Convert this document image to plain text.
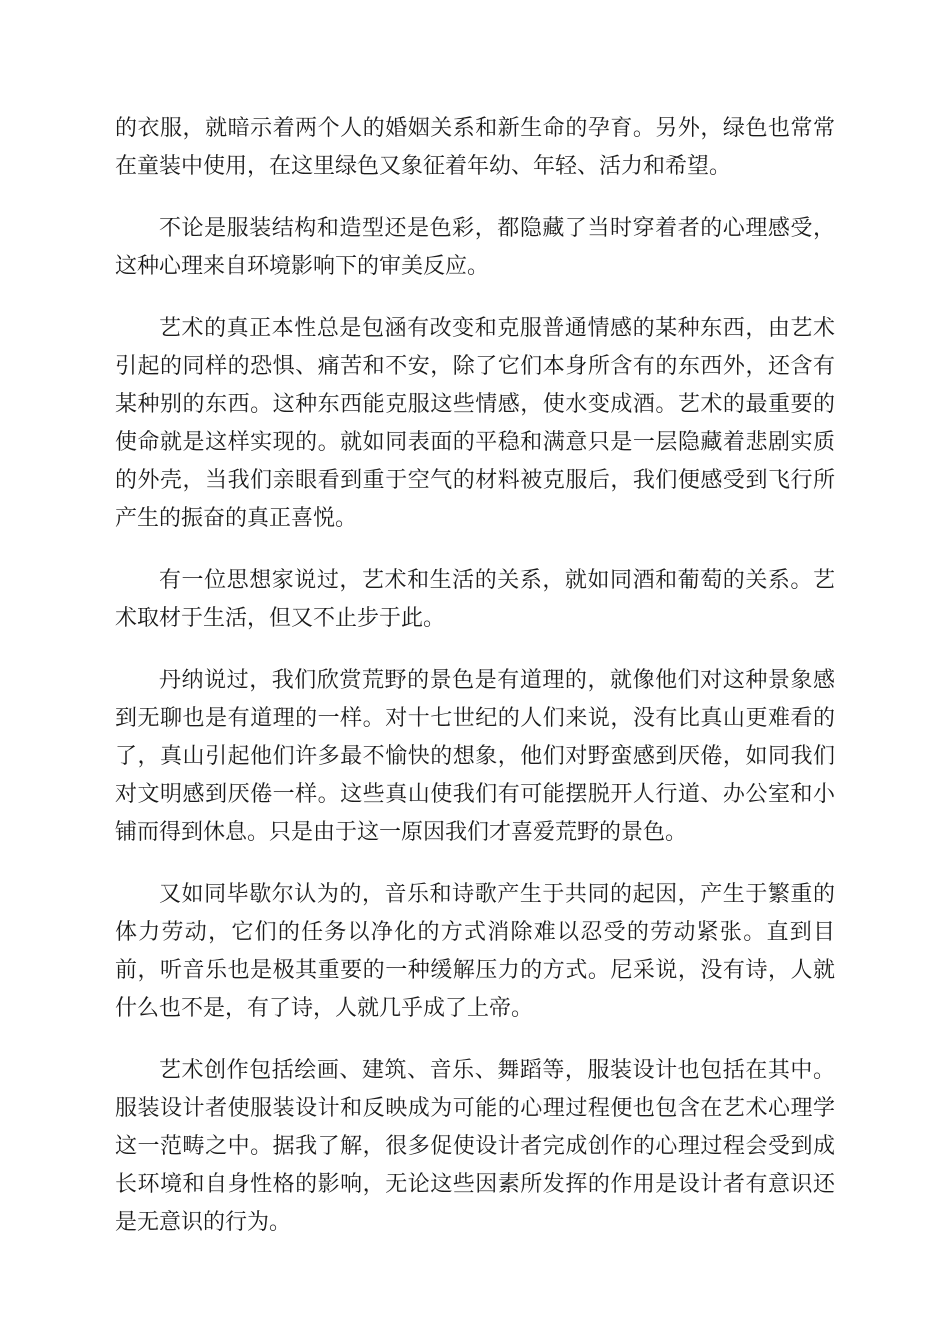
的衣服，就暗示着两个人的婚姻关系和新生命的孕育。另外，绿色也常常在童装中使用，在这里绿色又象征着年幼、年轻、活力和希望。

不论是服装结构和造型还是色彩，都隐藏了当时穿着者的心理感受，这种心理来自环境影响下的审美反应。

艺术的真正本性总是包涵有改变和克服普通情感的某种东西，由艺术引起的同样的恐惧、痛苦和不安，除了它们本身所含有的东西外，还含有某种别的东西。这种东西能克服这些情感，使水变成酒。艺术的最重要的使命就是这样实现的。就如同表面的平稳和满意只是一层隐藏着悲剧实质的外壳，当我们亲眼看到重于空气的材料被克服后，我们便感受到飞行所产生的振奋的真正喜悦。

有一位思想家说过，艺术和生活的关系，就如同酒和葡萄的关系。艺术取材于生活，但又不止步于此。

丹纳说过，我们欣赏荒野的景色是有道理的，就像他们对这种景象感到无聊也是有道理的一样。对十七世纪的人们来说，没有比真山更难看的了，真山引起他们许多最不愉快的想象，他们对野蛮感到厌倦，如同我们对文明感到厌倦一样。这些真山使我们有可能摆脱开人行道、办公室和小铺而得到休息。只是由于这一原因我们才喜爱荒野的景色。

又如同毕歇尔认为的，音乐和诗歌产生于共同的起因，产生于繁重的体力劳动，它们的任务以净化的方式消除难以忍受的劳动紧张。直到目前，听音乐也是极其重要的一种缓解压力的方式。尼采说，没有诗，人就什么也不是，有了诗，人就几乎成了上帝。

艺术创作包括绘画、建筑、音乐、舞蹈等，服装设计也包括在其中。服装设计者使服装设计和反映成为可能的心理过程便也包含在艺术心理学这一范畴之中。据我了解，很多促使设计者完成创作的心理过程会受到成长环境和自身性格的影响，无论这些因素所发挥的作用是设计者有意识还是无意识的行为。
